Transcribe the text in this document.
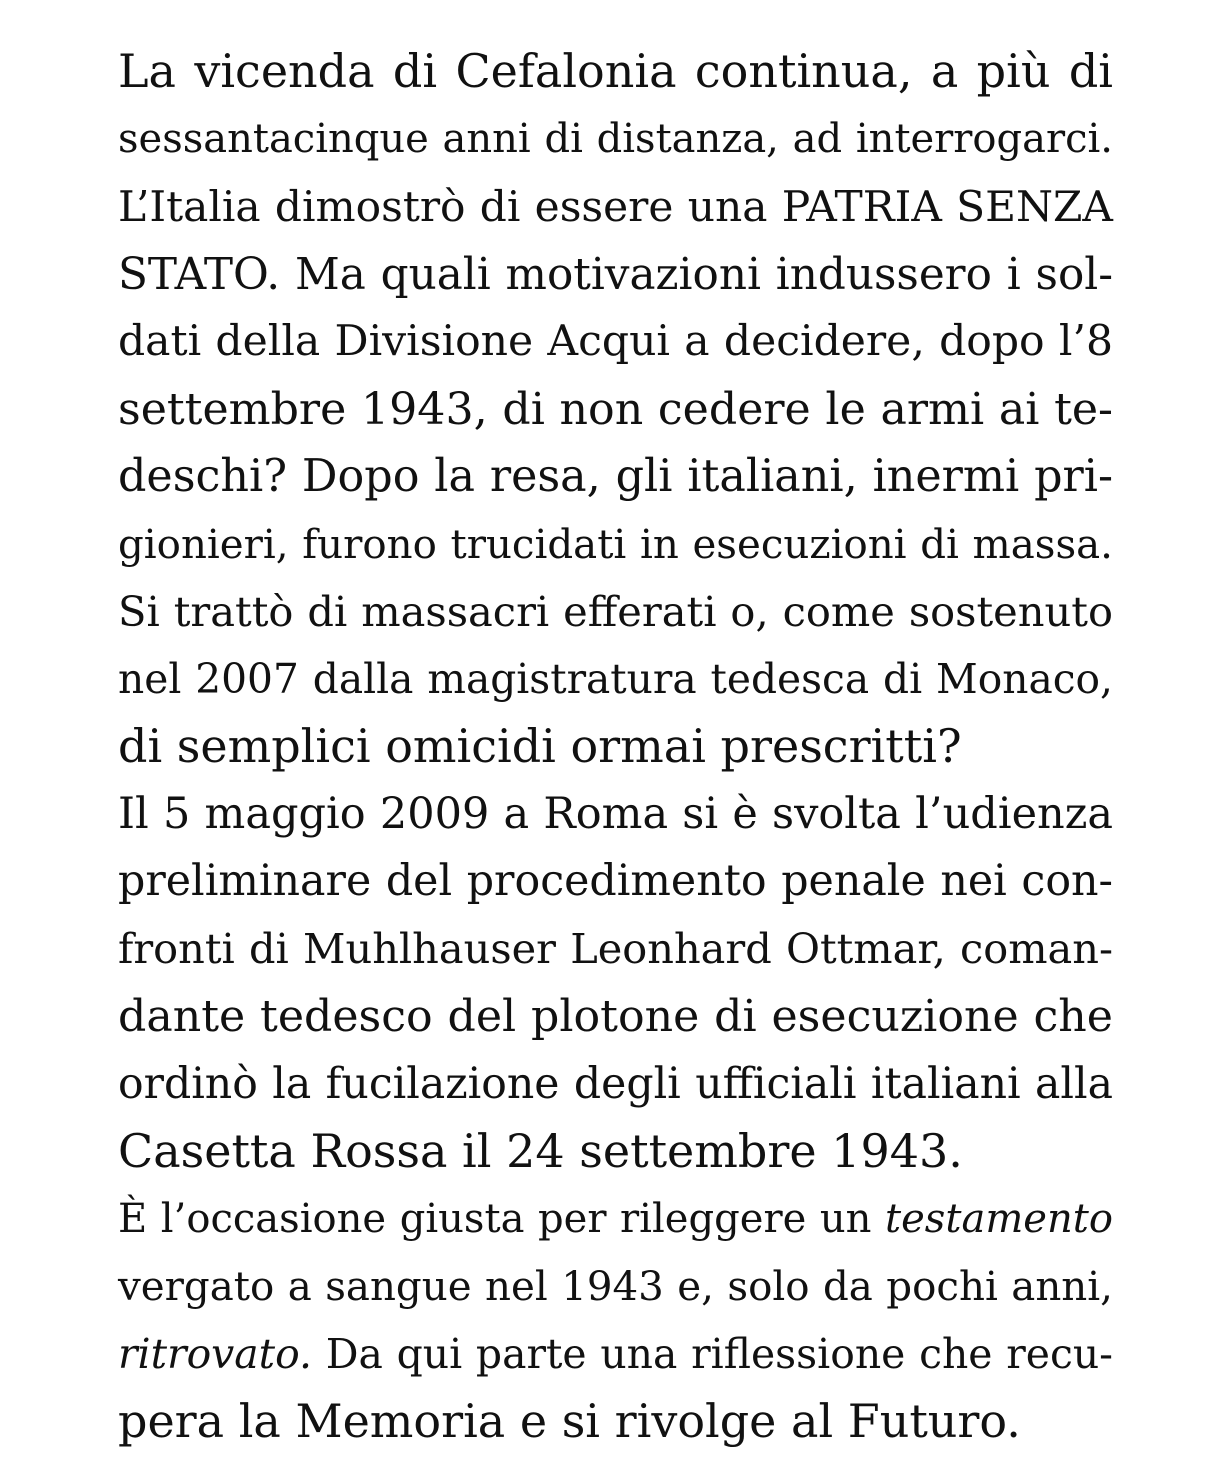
La vicenda di Cefalonia continua, a più di
sessantacinque anni di distanza, ad interrogarci.
L’Italia dimostrò di essere una PATRIA SENZA
STATO. Ma quali motivazioni indussero i sol-
dati della Divisione Acqui a decidere, dopo l’8
settembre 1943, di non cedere le armi ai te-
deschi? Dopo la resa, gli italiani, inermi pri-
gionieri, furono trucidati in esecuzioni di massa.
Si trattò di massacri efferati o, come sostenuto
nel 2007 dalla magistratura tedesca di Monaco,
di semplici omicidi ormai prescritti?
Il 5 maggio 2009 a Roma si è svolta l’udienza
preliminare del procedimento penale nei con-
fronti di Muhlhauser Leonhard Ottmar, coman-
dante tedesco del plotone di esecuzione che
ordinò la fucilazione degli ufficiali italiani alla
Casetta Rossa il 24 settembre 1943.
È l’occasione giusta per rileggere un testamento
vergato a sangue nel 1943 e, solo da pochi anni,
ritrovato. Da qui parte una riflessione che recu-
pera la Memoria e si rivolge al Futuro.
